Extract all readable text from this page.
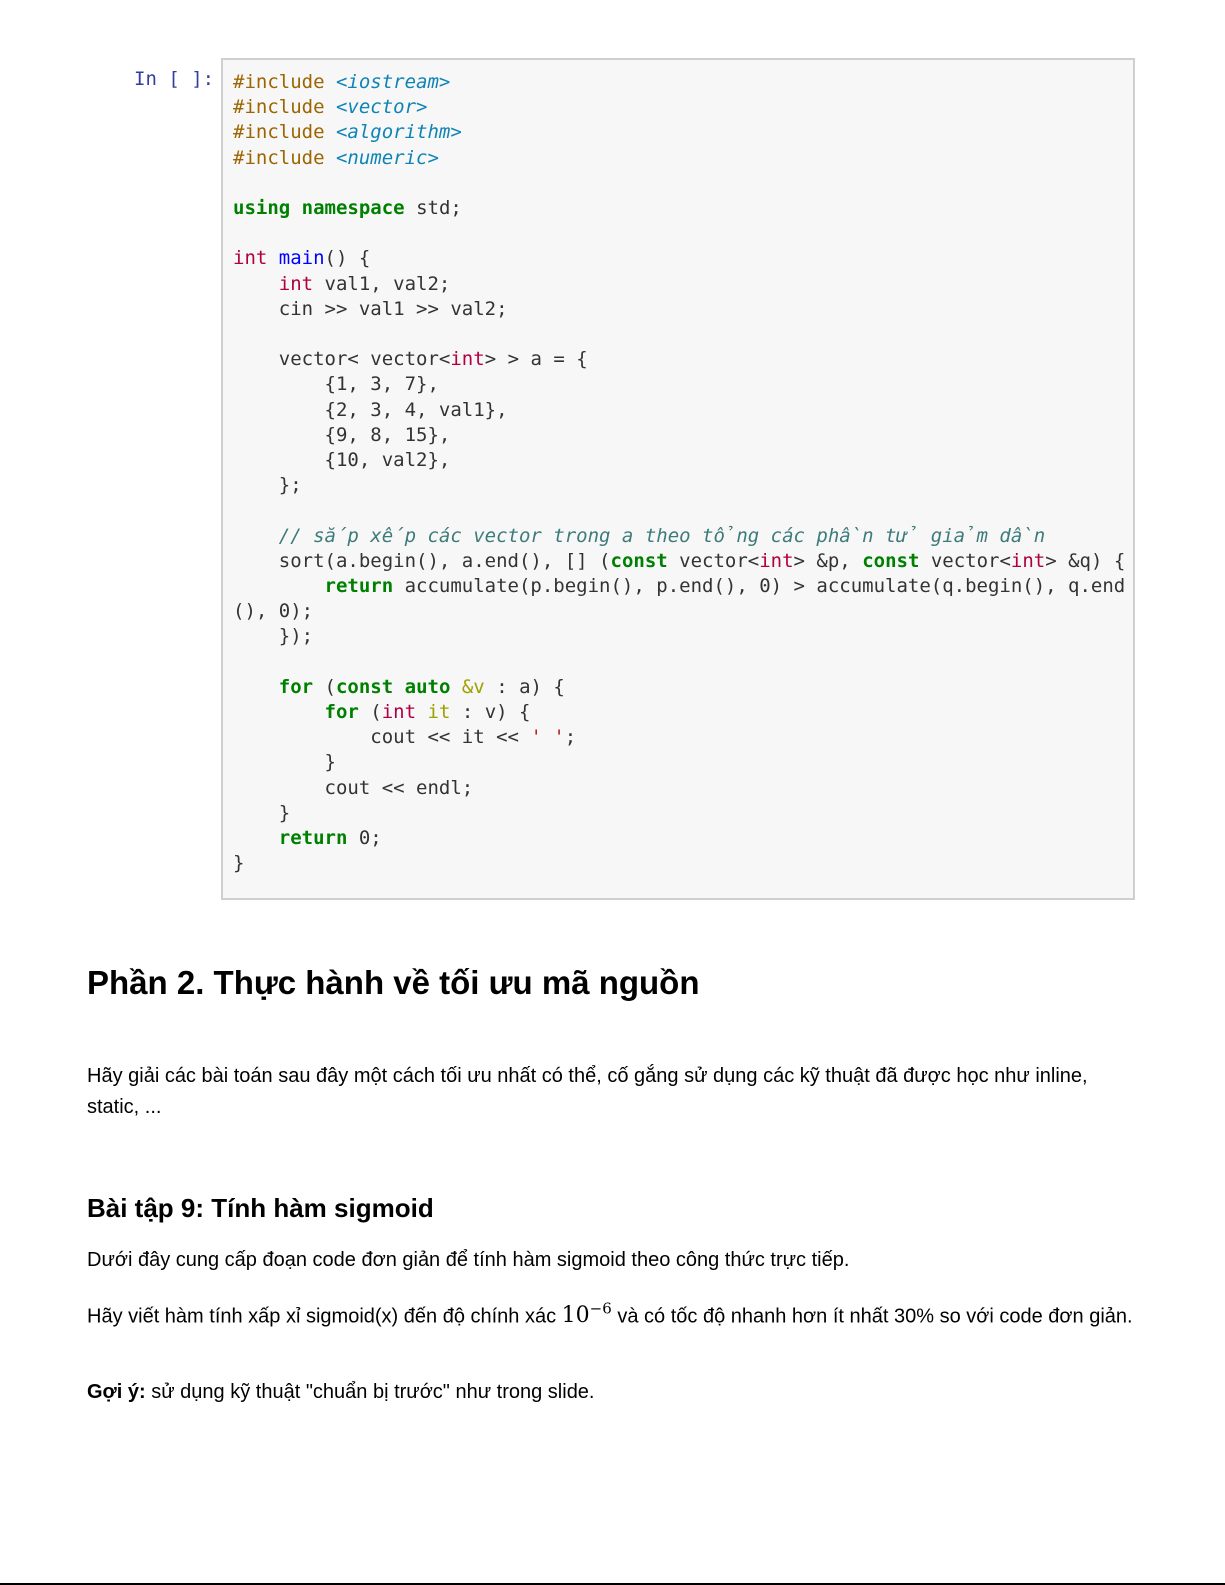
In [ ]: #include <iostream>
#include <vector>
#include <algorithm>
#include <numeric>

using namespace std;

int main() {
int val1, val2;
cin >> val1 >> val2;

vector< vector<int> > a = {
{1, 3, 7},
{2, 3, 4, val1},
{9, 8, 15},
{10, val2},
};

// sắp xếp các vector trong a theo tổng các phần tử giảm dần
sort(a.begin(), a.end(), [] (const vector<int> &p, const vector<int> &q) {
return accumulate(p.begin(), p.end(), 0) > accumulate(q.begin(), q.end
(), 0);
});

for (const auto &v : a) {
for (int it : v) {
cout << it << ' ';
}
cout << endl;
}
return 0;
}
Phần 2. Thực hành về tối ưu mã nguồn

Hãy giải các bài toán sau đây một cách tối ưu nhất có thể, cố gắng sử dụng các kỹ thuật đã được học như inline, static, ...

Bài tập 9: Tính hàm sigmoid

Dưới đây cung cấp đoạn code đơn giản để tính hàm sigmoid theo công thức trực tiếp.

Hãy viết hàm tính xấp xỉ sigmoid(x) đến độ chính xác $10^{-6}$ và có tốc độ nhanh hơn ít nhất 30% so với code đơn giản.

Gợi ý: sử dụng kỹ thuật "chuẩn bị trước" như trong slide.
